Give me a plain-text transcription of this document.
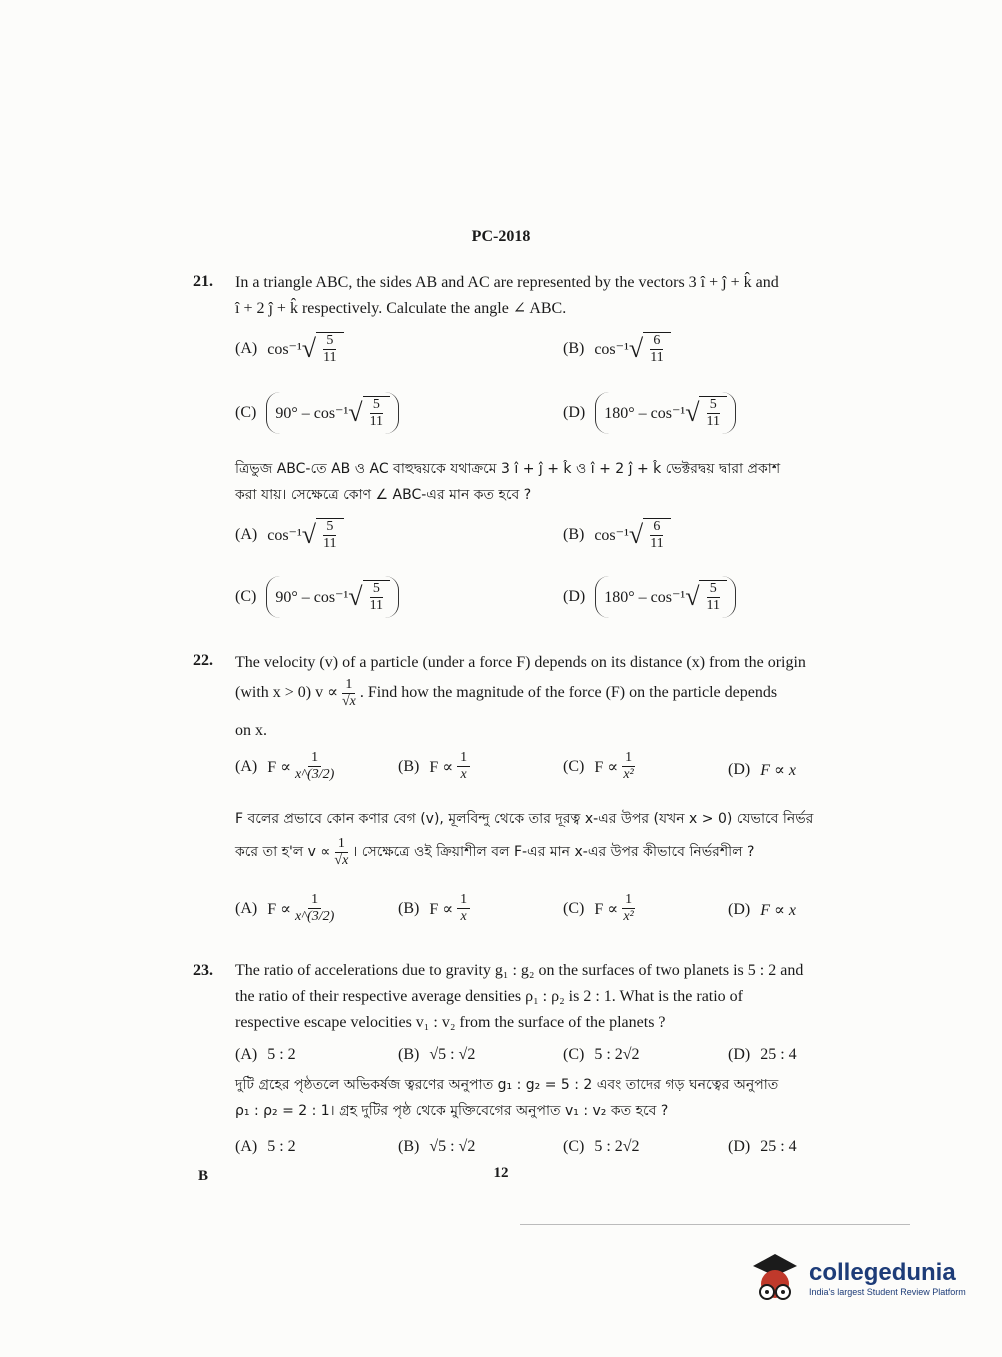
PC-2018
21. In a triangle ABC, the sides AB and AC are represented by the vectors 3 î + ĵ + k̂ and
î + 2 ĵ + k̂ respectively. Calculate the angle ∠ ABC.
(A) cos⁻¹ √ $\frac{5}{11}$	(B) cos⁻¹ √ $\frac{6}{11}$
(C) 90° – cos⁻¹ √ $\frac{5}{11}$	(D) 180° – cos⁻¹ √ $\frac{5}{11}$
ত্রিভুজ ABC-তে AB ও AC বাহুদ্বয়কে যথাক্রমে 3 î + ĵ + k̂ ও î + 2 ĵ + k̂ ভেক্টরদ্বয় দ্বারা প্রকাশ
করা যায়। সেক্ষেত্রে কোণ ∠ ABC-এর মান কত হবে ?
(A) cos⁻¹ √ $\frac{5}{11}$	(B) cos⁻¹ √ $\frac{6}{11}$
(C) 90° – cos⁻¹ √ $\frac{5}{11}$	(D) 180° – cos⁻¹ √ $\frac{5}{11}$
22. The velocity (v) of a particle (under a force F) depends on its distance (x) from the origin
(with x > 0) $v \propto \frac{1}{√x}$ . Find how the magnitude of the force (F) on the particle depends
on x.
(A) $F \propto \frac{1}{x\^{}(3/2)}$	(B) $F \propto \frac{1}{x}$	(C) $F \propto \frac{1}{\text{x²}}$	(D) F ∝ x
F বলের প্রভাবে কোন কণার বেগ (v), মূলবিন্দু থেকে তার দূরত্ব x-এর উপর (যখন x > 0) যেভাবে নির্ভর
করে তা হ'ল $v \propto \frac{1}{√x}$ । সেক্ষেত্রে ওই ক্রিয়াশীল বল F-এর মান x-এর উপর কীভাবে নির্ভরশীল ?
(A) $F \propto \frac{1}{x\^{}(3/2)}$	(B) $F \propto \frac{1}{x}$	(C) $F \propto \frac{1}{\text{x²}}$	(D) F ∝ x
23. The ratio of accelerations due to gravity g₁ : g₂ on the surfaces of two planets is 5 : 2 and
the ratio of their respective average densities ρ₁ : ρ₂ is 2 : 1. What is the ratio of
respective escape velocities v₁ : v₂ from the surface of the planets ?
(A) 5 : 2	(B) √5 : √2	(C) 5 : 2√2	(D) 25 : 4
দুটি গ্রহের পৃষ্ঠতলে অভিকর্ষজ ত্বরণের অনুপাত g₁ : g₂ = 5 : 2 এবং তাদের গড় ঘনত্বের অনুপাত
ρ₁ : ρ₂ = 2 : 1। গ্রহ দুটির পৃষ্ঠ থেকে মুক্তিবেগের অনুপাত v₁ : v₂ কত হবে ?
(A) 5 : 2	(B) √5 : √2	(C) 5 : 2√2	(D) 25 : 4
B	12
collegedunia
India's largest Student Review Platform
